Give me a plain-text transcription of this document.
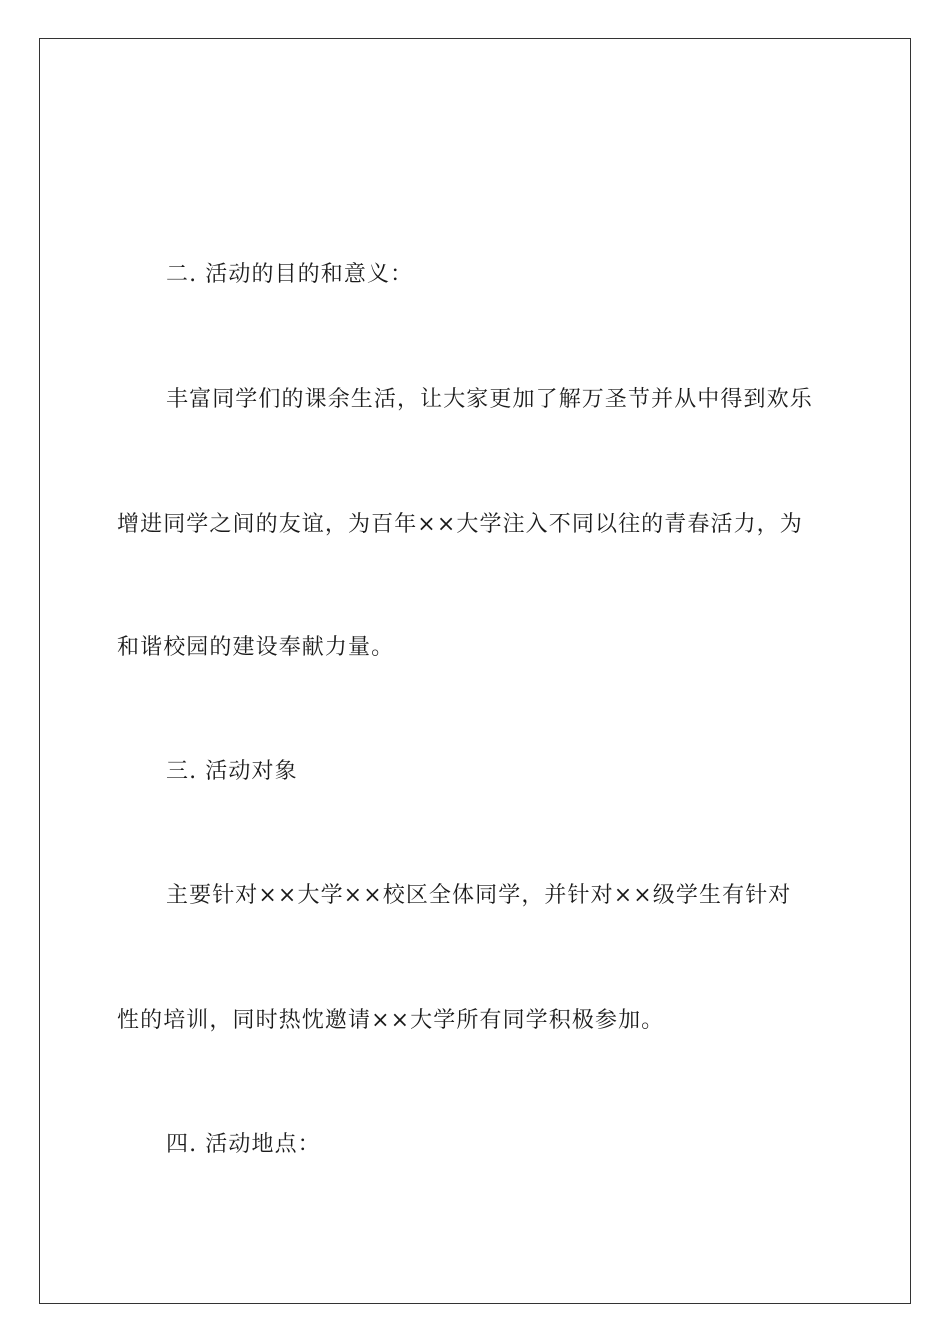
二. 活动的目的和意义：
丰富同学们的课余生活，让大家更加了解万圣节并从中得到欢乐
增进同学之间的友谊，为百年××大学注入不同以往的青春活力，为
和谐校园的建设奉献力量。
三. 活动对象
主要针对××大学××校区全体同学，并针对××级学生有针对
性的培训，同时热忱邀请××大学所有同学积极参加。
四. 活动地点：
